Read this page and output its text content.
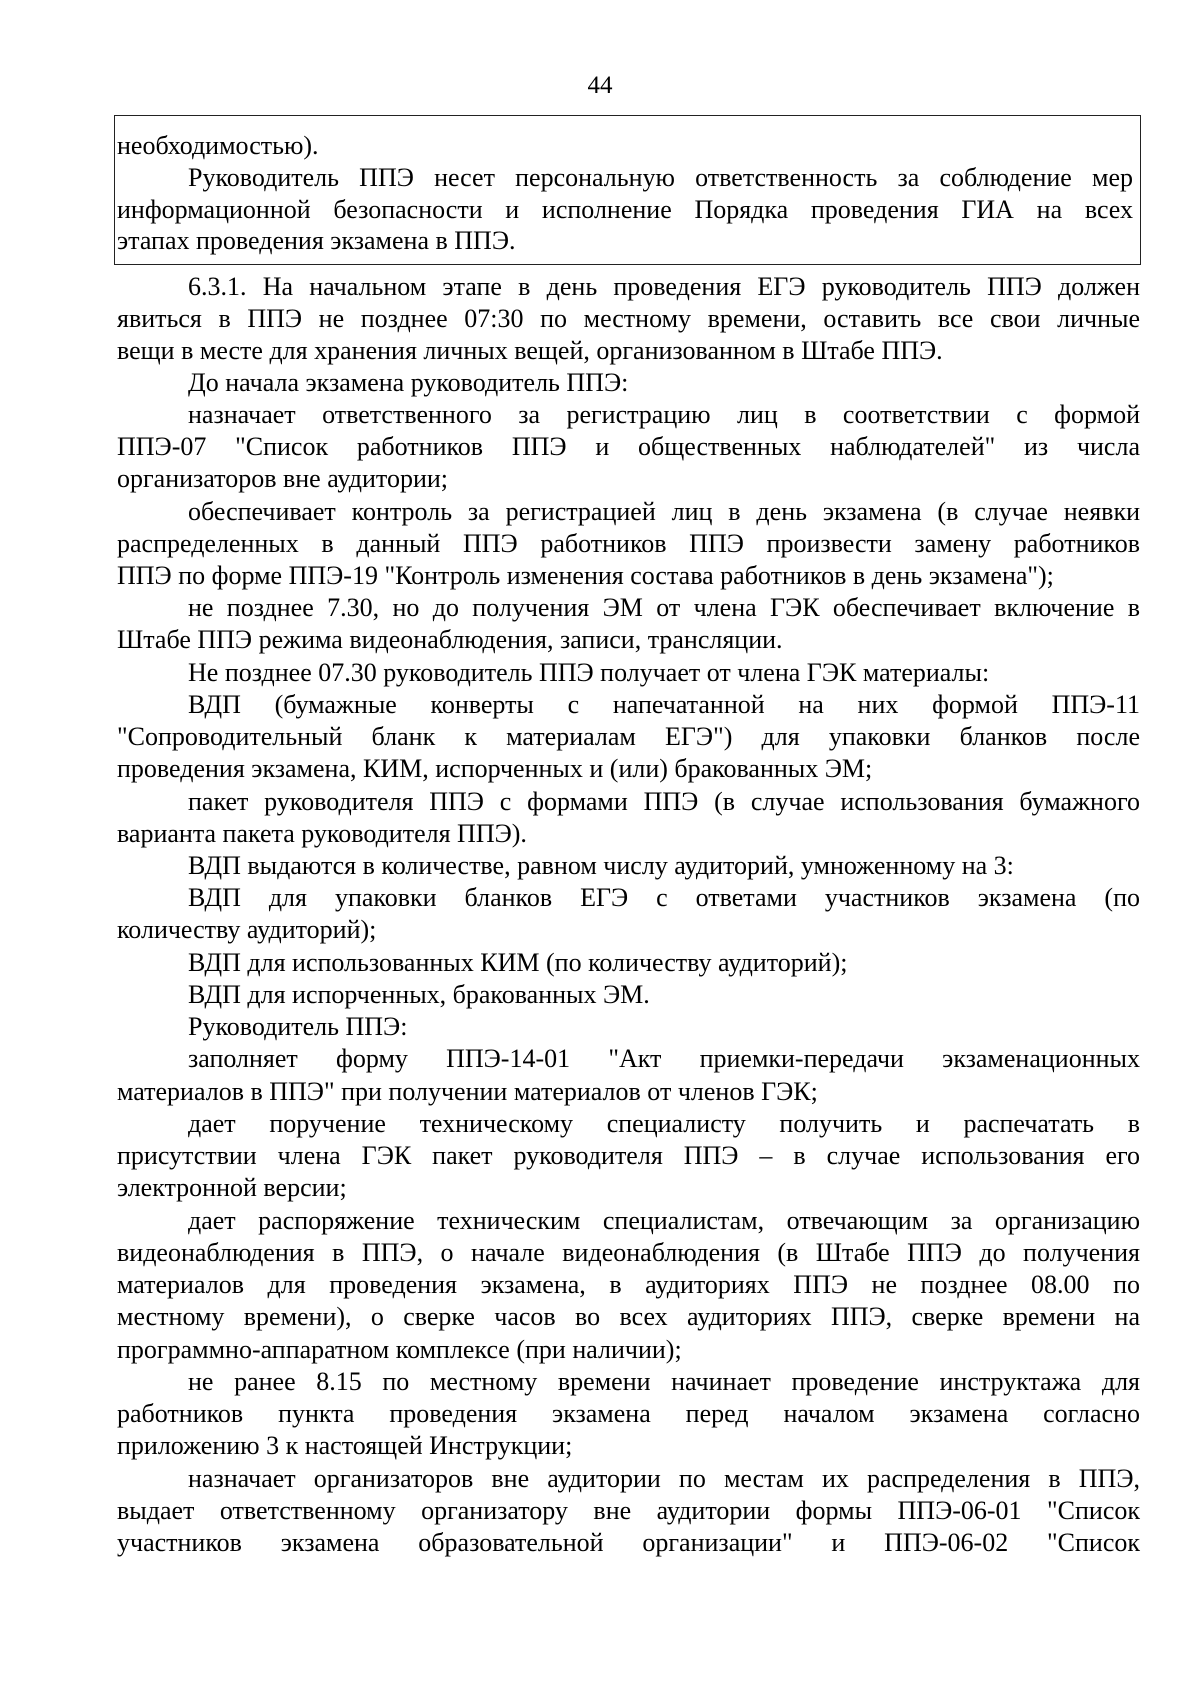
44
необходимостью).
Руководитель ППЭ несет персональную ответственность за соблюдение мер
информационной безопасности и исполнение Порядка проведения ГИА на всех
этапах проведения экзамена в ППЭ.
6.3.1. На начальном этапе в день проведения ЕГЭ руководитель ППЭ должен
явиться в ППЭ не позднее 07:30 по местному времени, оставить все свои личные
вещи в месте для хранения личных вещей, организованном в Штабе ППЭ.
До начала экзамена руководитель ППЭ:
назначает ответственного за регистрацию лиц в соответствии с формой
ППЭ-07 "Список работников ППЭ и общественных наблюдателей" из числа
организаторов вне аудитории;
обеспечивает контроль за регистрацией лиц в день экзамена (в случае неявки
распределенных в данный ППЭ работников ППЭ произвести замену работников
ППЭ по форме ППЭ-19 "Контроль изменения состава работников в день экзамена");
не позднее 7.30, но до получения ЭМ от члена ГЭК обеспечивает включение в
Штабе ППЭ режима видеонаблюдения, записи, трансляции.
Не позднее 07.30 руководитель ППЭ получает от члена ГЭК материалы:
ВДП (бумажные конверты с напечатанной на них формой ППЭ-11
"Сопроводительный бланк к материалам ЕГЭ") для упаковки бланков после
проведения экзамена, КИМ, испорченных и (или) бракованных ЭМ;
пакет руководителя ППЭ с формами ППЭ (в случае использования бумажного
варианта пакета руководителя ППЭ).
ВДП выдаются в количестве, равном числу аудиторий, умноженному на 3:
ВДП для упаковки бланков ЕГЭ с ответами участников экзамена (по
количеству аудиторий);
ВДП для использованных КИМ (по количеству аудиторий);
ВДП для испорченных, бракованных ЭМ.
Руководитель ППЭ:
заполняет форму ППЭ-14-01 "Акт приемки-передачи экзаменационных
материалов в ППЭ" при получении материалов от членов ГЭК;
дает поручение техническому специалисту получить и распечатать в
присутствии члена ГЭК пакет руководителя ППЭ – в случае использования его
электронной версии;
дает распоряжение техническим специалистам, отвечающим за организацию
видеонаблюдения в ППЭ, о начале видеонаблюдения (в Штабе ППЭ до получения
материалов для проведения экзамена, в аудиториях ППЭ не позднее 08.00 по
местному времени), о сверке часов во всех аудиториях ППЭ, сверке времени на
программно-аппаратном комплексе (при наличии);
не ранее 8.15 по местному времени начинает проведение инструктажа для
работников пункта проведения экзамена перед началом экзамена согласно
приложению 3 к настоящей Инструкции;
назначает организаторов вне аудитории по местам их распределения в ППЭ,
выдает ответственному организатору вне аудитории формы ППЭ-06-01 "Список
участников экзамена образовательной организации" и ППЭ-06-02 "Список
